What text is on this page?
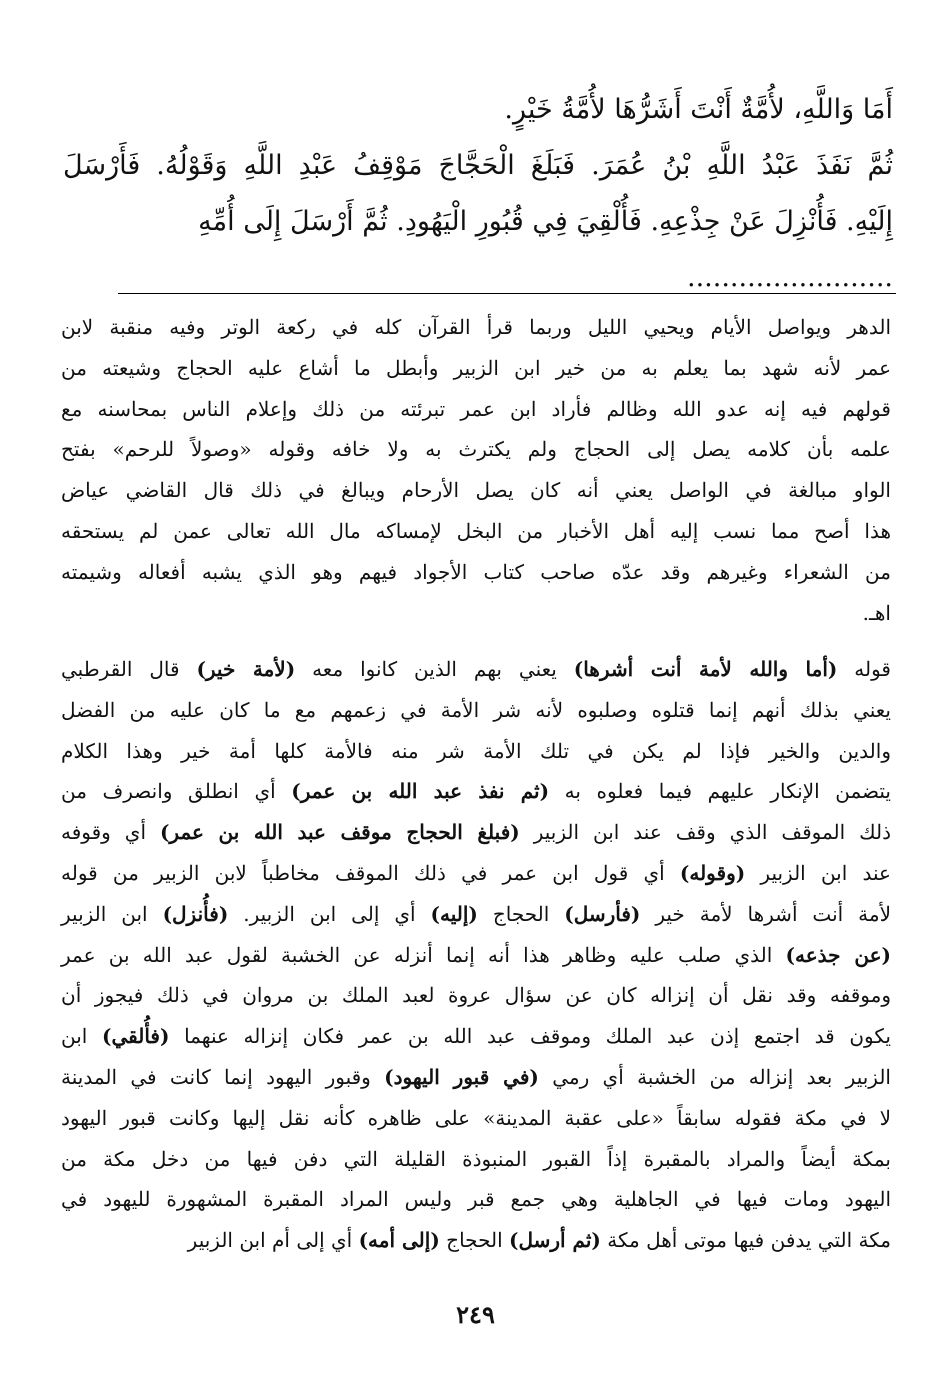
أَمَا وَاللَّهِ، لأُمَّةٌ أَنْتَ أَشَرُّهَا لأُمَّةُ خَيْرٍ.

ثُمَّ نَفَذَ عَبْدُ اللَّهِ بْنُ عُمَرَ. فَبَلَغَ الْحَجَّاجَ مَوْقِفُ عَبْدِ اللَّهِ وَقَوْلُهُ. فَأَرْسَلَ

إِلَيْهِ. فَأُنْزِلَ عَنْ جِذْعِهِ. فَأُلْقِيَ فِي قُبُورِ الْيَهُودِ. ثُمَّ أَرْسَلَ إِلَى أُمِّهِ ........................

الدهر ويواصل الأيام ويحيي الليل وربما قرأ القرآن كله في ركعة الوتر وفيه منقبة لابن

عمر لأنه شهد بما يعلم به من خير ابن الزبير وأبطل ما أشاع عليه الحجاج وشيعته من

قولهم فيه إنه عدو الله وظالم فأراد ابن عمر تبرئته من ذلك وإعلام الناس بمحاسنه مع

علمه بأن كلامه يصل إلى الحجاج ولم يكترث به ولا خافه وقوله «وصولاً للرحم» بفتح

الواو مبالغة في الواصل يعني أنه كان يصل الأرحام ويبالغ في ذلك قال القاضي عياض

هذا أصح مما نسب إليه أهل الأخبار من البخل لإمساكه مال الله تعالى عمن لم يستحقه

من الشعراء وغيرهم وقد عدّه صاحب كتاب الأجواد فيهم وهو الذي يشبه أفعاله وشيمته

اهـ.

قوله (أما والله لأمة أنت أشرها) يعني بهم الذين كانوا معه (لأمة خير) قال القرطبي

يعني بذلك أنهم إنما قتلوه وصلبوه لأنه شر الأمة في زعمهم مع ما كان عليه من الفضل

والدين والخير فإذا لم يكن في تلك الأمة شر منه فالأمة كلها أمة خير وهذا الكلام

يتضمن الإنكار عليهم فيما فعلوه به (ثم نفذ عبد الله بن عمر) أي انطلق وانصرف من

ذلك الموقف الذي وقف عند ابن الزبير (فبلغ الحجاج موقف عبد الله بن عمر) أي وقوفه

عند ابن الزبير (وقوله) أي قول ابن عمر في ذلك الموقف مخاطباً لابن الزبير من قوله

لأمة أنت أشرها لأمة خير (فأرسل) الحجاج (إليه) أي إلى ابن الزبير. (فأُنزل) ابن الزبير

(عن جذعه) الذي صلب عليه وظاهر هذا أنه إنما أنزله عن الخشبة لقول عبد الله بن عمر

وموقفه وقد نقل أن إنزاله كان عن سؤال عروة لعبد الملك بن مروان في ذلك فيجوز أن

يكون قد اجتمع إذن عبد الملك وموقف عبد الله بن عمر فكان إنزاله عنهما (فأُلقي) ابن

الزبير بعد إنزاله من الخشبة أي رمي (في قبور اليهود) وقبور اليهود إنما كانت في المدينة

لا في مكة فقوله سابقاً «على عقبة المدينة» على ظاهره كأنه نقل إليها وكانت قبور اليهود

بمكة أيضاً والمراد بالمقبرة إذاً القبور المنبوذة القليلة التي دفن فيها من دخل مكة من

اليهود ومات فيها في الجاهلية وهي جمع قبر وليس المراد المقبرة المشهورة لليهود في

مكة التي يدفن فيها موتى أهل مكة (ثم أرسل) الحجاج (إلى أمه) أي إلى أم ابن الزبير

٢٤٩
